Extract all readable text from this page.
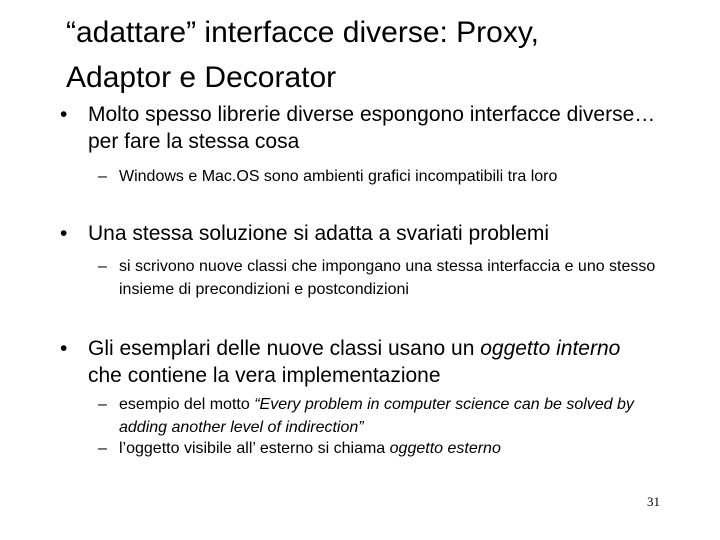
“adattare” interfacce diverse: Proxy,
Adaptor e Decorator
• Molto spesso librerie diverse espongono interfacce diverse… per fare la stessa cosa
– Windows e Mac.OS sono ambienti grafici incompatibili tra loro
• Una stessa soluzione si adatta a svariati problemi
– si scrivono nuove classi che impongano una stessa interfaccia e uno stesso insieme di precondizioni e postcondizioni
• Gli esemplari delle nuove classi usano un oggetto interno che contiene la vera implementazione
– esempio del motto “Every problem in computer science can be solved by adding another level of indirection”
– l’oggetto visibile all’ esterno si chiama oggetto esterno
31
